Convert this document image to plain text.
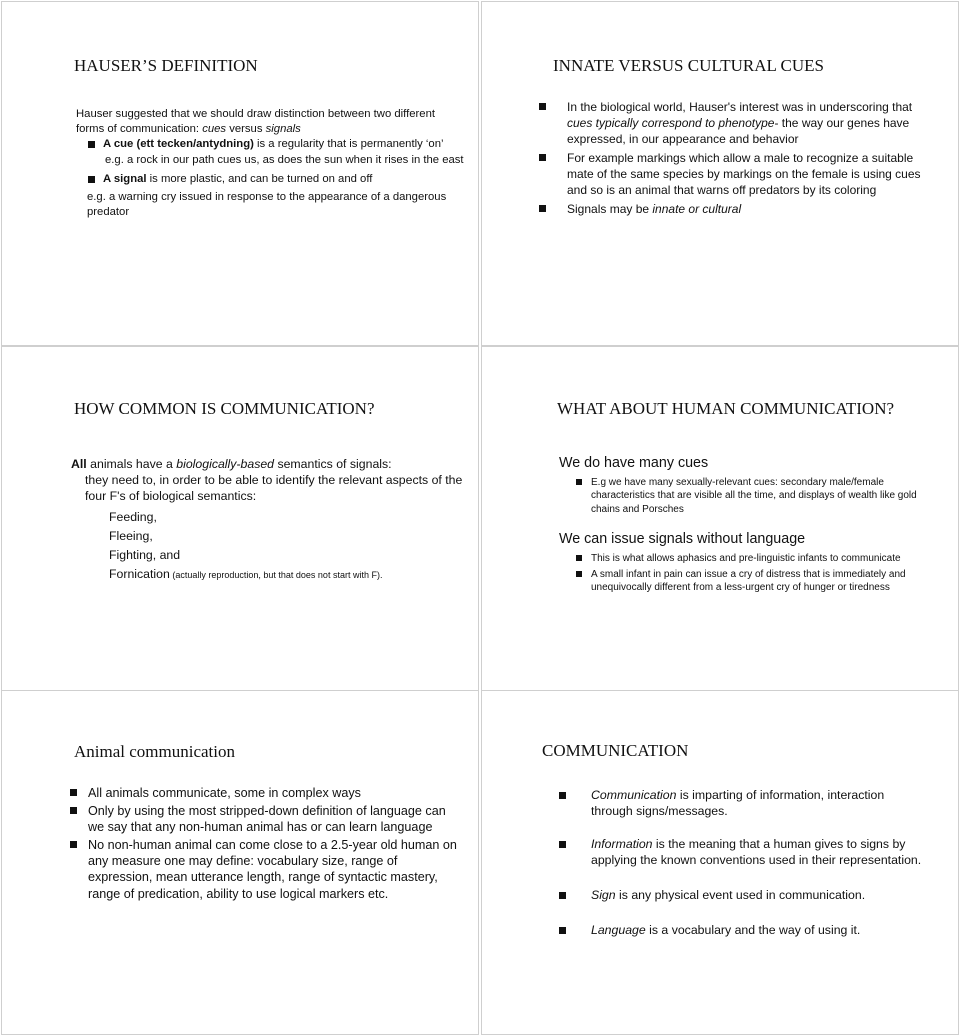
HAUSER’S DEFINITION

Hauser suggested that we should draw distinction between two different forms of communication: cues versus signals

A cue (ett tecken/antydning) is a regularity that is permanently ‘on’

e.g. a rock in our path cues us, as does the sun when it rises in the east

A signal is more plastic, and can be turned on and off

e.g. a warning cry issued in response to the appearance of a dangerous predator

INNATE VERSUS CULTURAL CUES
In the biological world, Hauser's interest was in underscoring that cues typically correspond to phenotype- the way our genes have expressed, in our appearance and behavior
For example markings which allow a male to recognize a suitable mate of the same species by markings on the female is using cues and so is an animal that warns off predators by its coloring
Signals may be innate or cultural
HOW COMMON IS COMMUNICATION?

All animals have a biologically-based semantics of signals:

they need to, in order to be able to identify the relevant aspects of the four F's of biological semantics:

Feeding,

Fleeing,

Fighting, and

Fornication (actually reproduction, but that does not start with F).

WHAT ABOUT HUMAN COMMUNICATION?

We do have many cues

E.g we have many sexually-relevant cues: secondary male/female characteristics that are visible all the time, and displays of wealth like gold chains and Porsches

We can issue signals without language

This is what allows aphasics and pre-linguistic infants to communicate
A small infant in pain can issue a cry of distress that is immediately and unequivocally different from a less-urgent cry of hunger or tiredness
Animal communication
All animals communicate, some in complex ways
Only by using the most stripped-down definition of language can we say that any non-human animal has or can learn language
No non-human animal can come close to a 2.5-year old human on any measure one may define: vocabulary size, range of expression, mean utterance length, range of syntactic mastery, range of predication, ability to use logical markers etc.
COMMUNICATION
Communication is imparting of information, interaction through signs/messages.
Information is the meaning that a human gives to signs by applying the known conventions used in their representation.
Sign is any physical event used in communication.
Language is a vocabulary and the way of using it.
